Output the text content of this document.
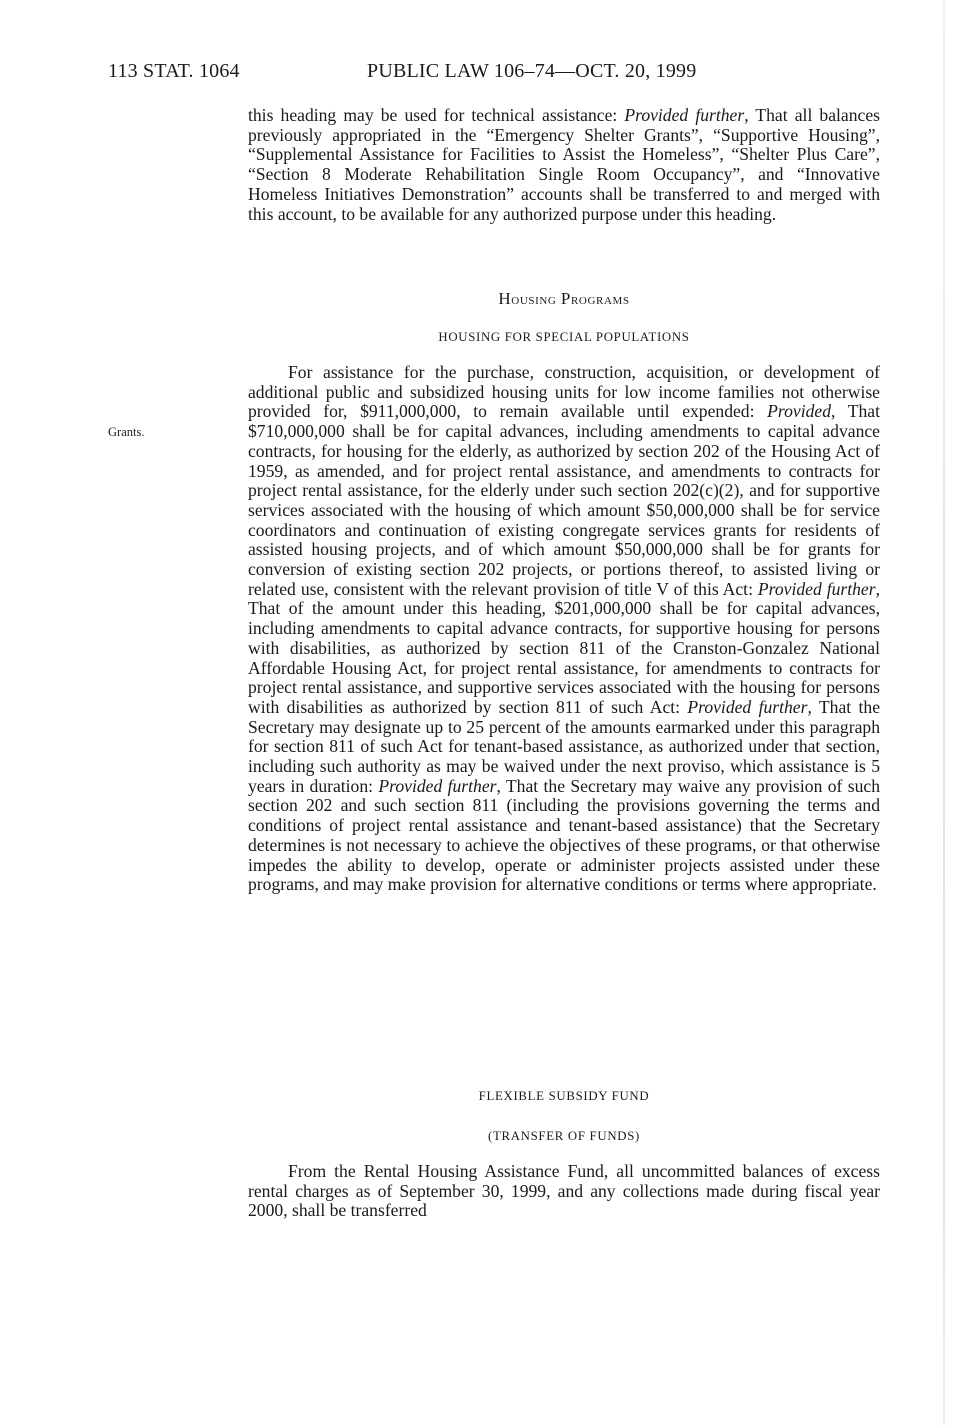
113 STAT. 1064	PUBLIC LAW 106–74—OCT. 20, 1999

this heading may be used for technical assistance: Provided further, That all balances previously appropriated in the “Emergency Shelter Grants”, “Supportive Housing”, “Supplemental Assistance for Facilities to Assist the Homeless”, “Shelter Plus Care”, “Section 8 Moderate Rehabilitation Single Room Occupancy”, and “Innovative Homeless Initiatives Demonstration” accounts shall be transferred to and merged with this account, to be available for any authorized purpose under this heading.

Housing Programs
HOUSING FOR SPECIAL POPULATIONS
Grants.

For assistance for the purchase, construction, acquisition, or development of additional public and subsidized housing units for low income families not otherwise provided for, $911,000,000, to remain available until expended: Provided, That $710,000,000 shall be for capital advances, including amendments to capital advance contracts, for housing for the elderly, as authorized by section 202 of the Housing Act of 1959, as amended, and for project rental assistance, and amendments to contracts for project rental assistance, for the elderly under such section 202(c)(2), and for supportive services associated with the housing of which amount $50,000,000 shall be for service coordinators and continuation of existing congregate services grants for residents of assisted housing projects, and of which amount $50,000,000 shall be for grants for conversion of existing section 202 projects, or portions thereof, to assisted living or related use, consistent with the relevant provision of title V of this Act: Provided further, That of the amount under this heading, $201,000,000 shall be for capital advances, including amendments to capital advance contracts, for supportive housing for persons with disabilities, as authorized by section 811 of the Cranston-Gonzalez National Affordable Housing Act, for project rental assistance, for amendments to contracts for project rental assistance, and supportive services associated with the housing for persons with disabilities as authorized by section 811 of such Act: Provided further, That the Secretary may designate up to 25 percent of the amounts earmarked under this paragraph for section 811 of such Act for tenant-based assistance, as authorized under that section, including such authority as may be waived under the next proviso, which assistance is 5 years in duration: Provided further, That the Secretary may waive any provision of such section 202 and such section 811 (including the provisions governing the terms and conditions of project rental assistance and tenant-based assistance) that the Secretary determines is not necessary to achieve the objectives of these programs, or that otherwise impedes the ability to develop, operate or administer projects assisted under these programs, and may make provision for alternative conditions or terms where appropriate.

FLEXIBLE SUBSIDY FUND
(TRANSFER OF FUNDS)

From the Rental Housing Assistance Fund, all uncommitted balances of excess rental charges as of September 30, 1999, and any collections made during fiscal year 2000, shall be transferred
